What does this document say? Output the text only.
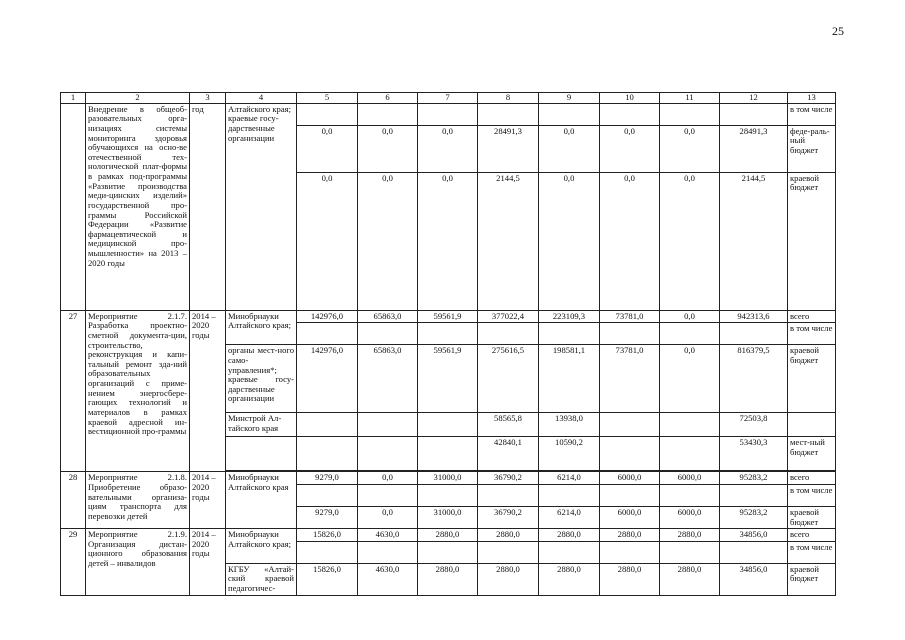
25
1	2	3	4	5	6	7	8	9	10	11	12	13
	Внедрение в общеоб-разовательных орга-низациях системы мониторинга здоровья обучающихся на осно-ве отечественной тех-нологической плат-формы в рамках под-программы «Развитие производства меди-цинских изделий» государственной про-граммы Российской Федерации «Развитие фармацевтической и медицинской про-мышленности» на 2013 – 2020 годы	год	Алтайского края; краевые госу-дарственные организации									в том числе
				0,0	0,0	0,0	28491,3	0,0	0,0	0,0	28491,3	феде-раль-ный бюджет
				0,0	0,0	0,0	2144,5	0,0	0,0	0,0	2144,5	краевой бюджет
27	Мероприятие 2.1.7. Разработка проектно-сметной документа-ции, строительство, реконструкция и капи-тальный ремонт зда-ний образовательных организаций с приме-нением энергосбере-гающих технологий и материалов в рамках краевой адресной ин-вестиционной про-граммы	2014 – 2020 годы	Минобрнауки Алтайского края;	142976,0	65863,0	59561,9	377022,4	223109,3	73781,0	0,0	942313,6	всего
												в том числе
			органы мест-ного само-управления*; краевые госу-дарственные организации	142976,0	65863,0	59561,9	275616,5	198581,1	73781,0	0,0	816379,5	краевой бюджет
			Минстрой Ал-тайского края				58565,8	13938,0			72503,8	
							42840,1	10590,2			53430,3	мест-ный бюджет

28	Мероприятие 2.1.8. Приобретение образо-вательными организа-циям транспорта для перевозки детей	2014 – 2020 годы	Минобрнауки Алтайского края	9279,0	0,0	31000,0	36790,2	6214,0	6000,0	6000,0	95283,2	всего
												в том числе
				9279,0	0,0	31000,0	36790,2	6214,0	6000,0	6000,0	95283,2	краевой бюджет
29	Мероприятие 2.1.9. Организация дистан-ционного образования детей – инвалидов	2014 – 2020 годы	Минобрнауки Алтайского края;	15826,0	4630,0	2880,0	2880,0	2880,0	2880,0	2880,0	34856,0	всего
												в том числе
			КГБУ «Алтай-ский краевой педагогичес-	15826,0	4630,0	2880,0	2880,0	2880,0	2880,0	2880,0	34856,0	краевой бюджет
